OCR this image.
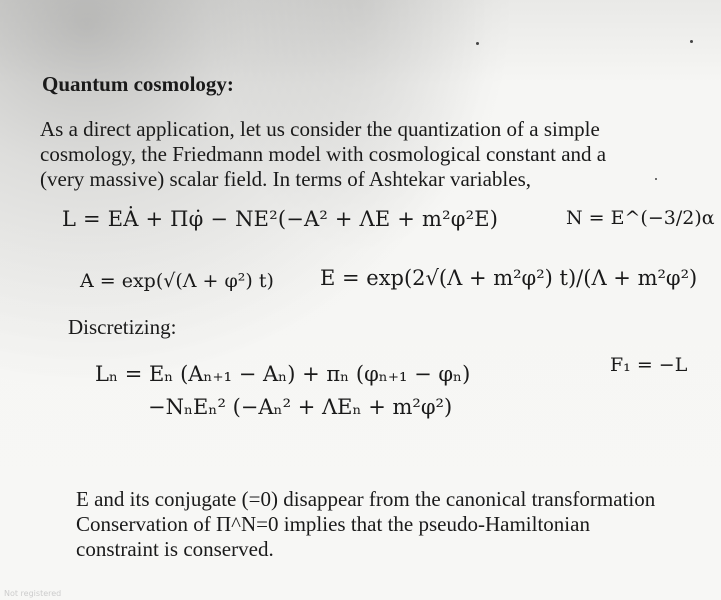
Quantum cosmology:
As a direct application, let us consider the quantization of a simple
cosmology, the Friedmann model with cosmological constant and a
(very massive) scalar field. In terms of Ashtekar variables,
L = EȦ + Πφ̇ − NE²(−A² + ΛE + m²φ²E)	N = E^(−3/2)α
A = exp(√(Λ + φ²) t) E = exp(2√(Λ + m²φ²) t)/(Λ + m²φ²)
Discretizing:
Lₙ = Eₙ (Aₙ₊₁ − Aₙ) + πₙ (φₙ₊₁ − φₙ)
−NₙEₙ² (−Aₙ² + ΛEₙ + m²φ²)
F₁ = −L
E and its conjugate (=0) disappear from the canonical transformation
Conservation of Π^N=0 implies that the pseudo-Hamiltonian
constraint is conserved.
Not registered
